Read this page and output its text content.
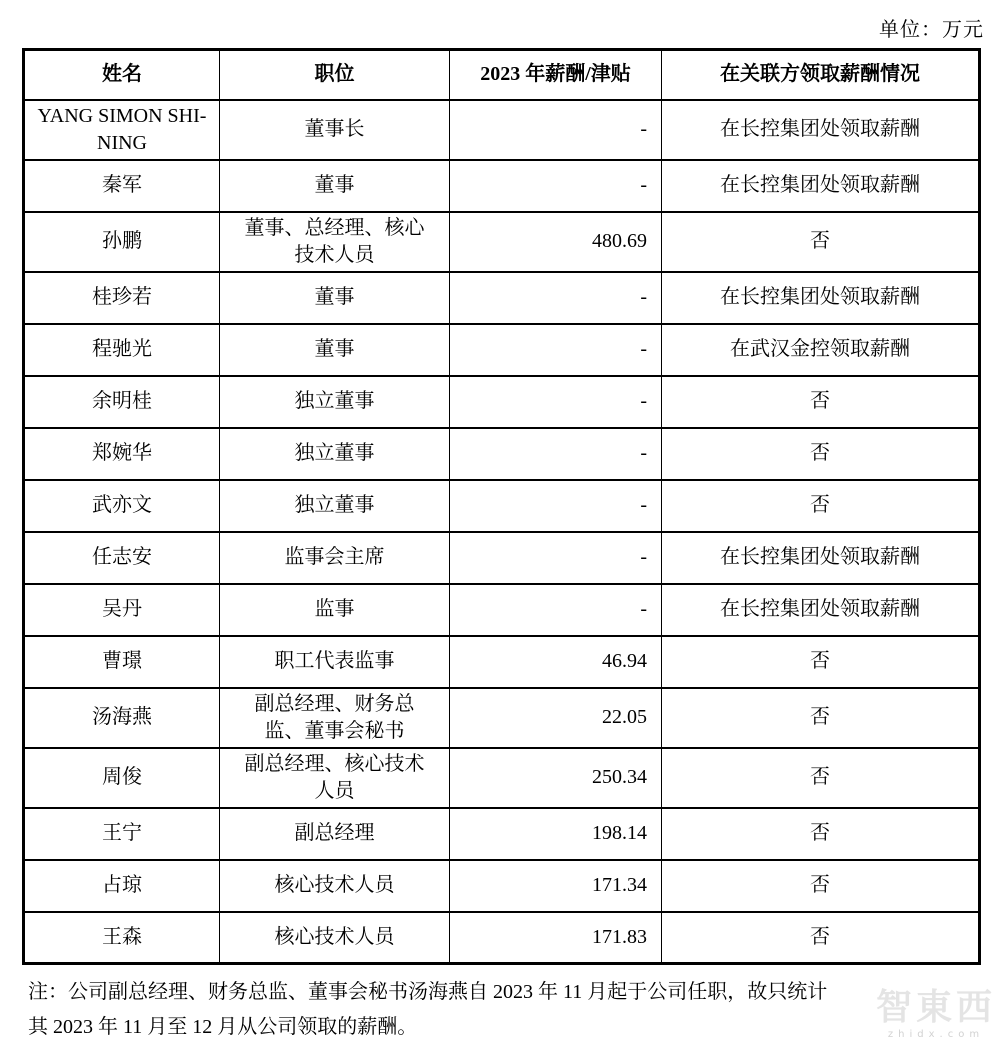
单位：万元
姓名	职位	2023 年薪酬/津贴	在关联方领取薪酬情况
YANG SIMON SHI-NING	董事长	-	在长控集团处领取薪酬
秦军	董事	-	在长控集团处领取薪酬
孙鹏	董事、总经理、核心技术人员	480.69	否
桂珍若	董事	-	在长控集团处领取薪酬
程驰光	董事	-	在武汉金控领取薪酬
余明桂	独立董事	-	否
郑婉华	独立董事	-	否
武亦文	独立董事	-	否
任志安	监事会主席	-	在长控集团处领取薪酬
吴丹	监事	-	在长控集团处领取薪酬
曹璟	职工代表监事	46.94	否
汤海燕	副总经理、财务总监、董事会秘书	22.05	否
周俊	副总经理、核心技术人员	250.34	否
王宁	副总经理	198.14	否
占琼	核心技术人员	171.34	否
王森	核心技术人员	171.83	否

注：公司副总经理、财务总监、董事会秘书汤海燕自 2023 年 11 月起于公司任职，故只统计
其 2023 年 11 月至 12 月从公司领取的薪酬。	智東西
zhidx.com
